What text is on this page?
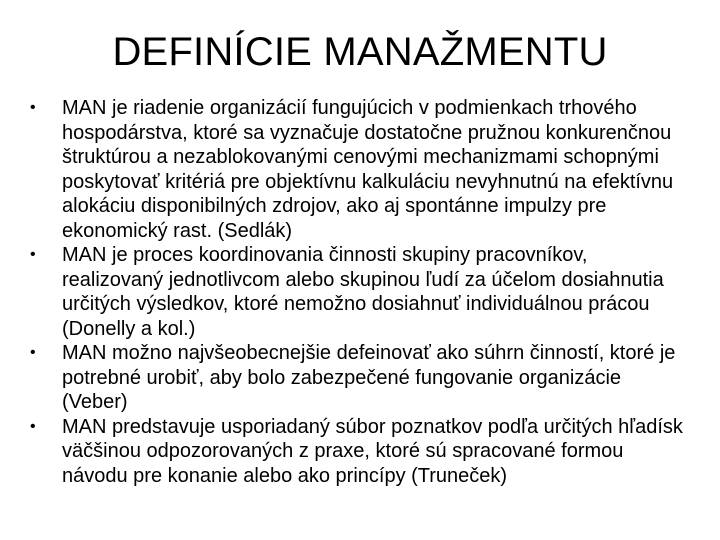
DEFINÍCIE MANAŽMENTU
•	MAN je riadenie organizácií fungujúcich v podmienkach trhového hospodárstva, ktoré sa vyznačuje dostatočne pružnou konkurenčnou štruktúrou a nezablokovanými cenovými mechanizmami schopnými poskytovať kritériá pre objektívnu kalkuláciu nevyhnutnú na efektívnu alokáciu disponibilných zdrojov, ako aj spontánne impulzy pre ekonomický rast. (Sedlák)
•	MAN je proces koordinovania činnosti skupiny pracovníkov, realizovaný jednotlivcom alebo skupinou ľudí za účelom dosiahnutia určitých výsledkov, ktoré nemožno dosiahnuť individuálnou prácou (Donelly a kol.)
•	MAN možno najvšeobecnejšie defeinovať ako súhrn činností, ktoré je potrebné urobiť, aby bolo zabezpečené fungovanie organizácie (Veber)
•	MAN predstavuje usporiadaný súbor poznatkov podľa určitých hľadísk väčšinou odpozorovaných z praxe, ktoré sú spracované formou návodu pre konanie alebo ako princípy (Truneček)
